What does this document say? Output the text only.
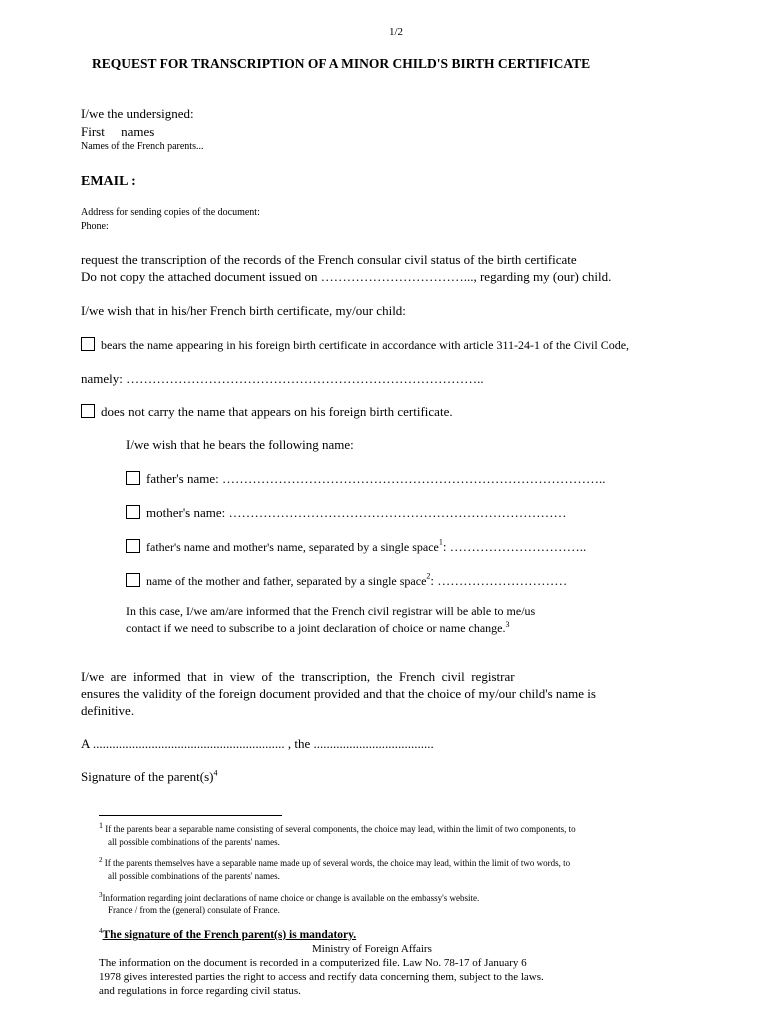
1/2
REQUEST FOR TRANSCRIPTION OF A MINOR CHILD'S BIRTH CERTIFICATE
I/we the undersigned:
First     names
Names of the French parents...
EMAIL :
Address for sending copies of the document:
Phone:
request the transcription of the records of the French consular civil status of the birth certificate
Do not copy the attached document issued on ……………………………..., regarding my (our) child.
I/we wish that in his/her French birth certificate, my/our child:
bears the name appearing in his foreign birth certificate in accordance with article 311-24-1 of the Civil Code,
namely: ………………………………………………………………………..
does not carry the name that appears on his foreign birth certificate.
I/we wish that he bears the following name:
father's name: ……………………………………………………………………………..
mother's name: ……………………………………………………………………
father's name and mother's name, separated by a single space$^1$: …………………………..
name of the mother and father, separated by a single space$^2$: …………………………
In this case, I/we am/are informed that the French civil registrar will be able to me/us
contact if we need to subscribe to a joint declaration of choice or name change.$^3$
I/we  are  informed  that  in  view  of  the  transcription,  the  French  civil  registrar
ensures the validity of the foreign document provided and that the choice of my/our child's name is
definitive.
A ........................................................... , the .....................................
Signature of the $parent(s)^4$
$^1$ If the parents bear a separable name consisting of several components, the choice may lead, within the limit of two components, to
all possible combinations of the parents' names.
$^2$ If the parents themselves have a separable name made up of several words, the choice may lead, within the limit of two words, to
all possible combinations of the parents' names.
$^3$Information regarding joint declarations of name choice or change is available on the embassy's website.
France / from the (general) consulate of France.
$^4$The signature of the French parent(s) is mandatory.
Ministry of Foreign Affairs
The information on the document is recorded in a computerized file. Law No. 78-17 of January 6
1978 gives interested parties the right to access and rectify data concerning them, subject to the laws.
and regulations in force regarding civil status.
